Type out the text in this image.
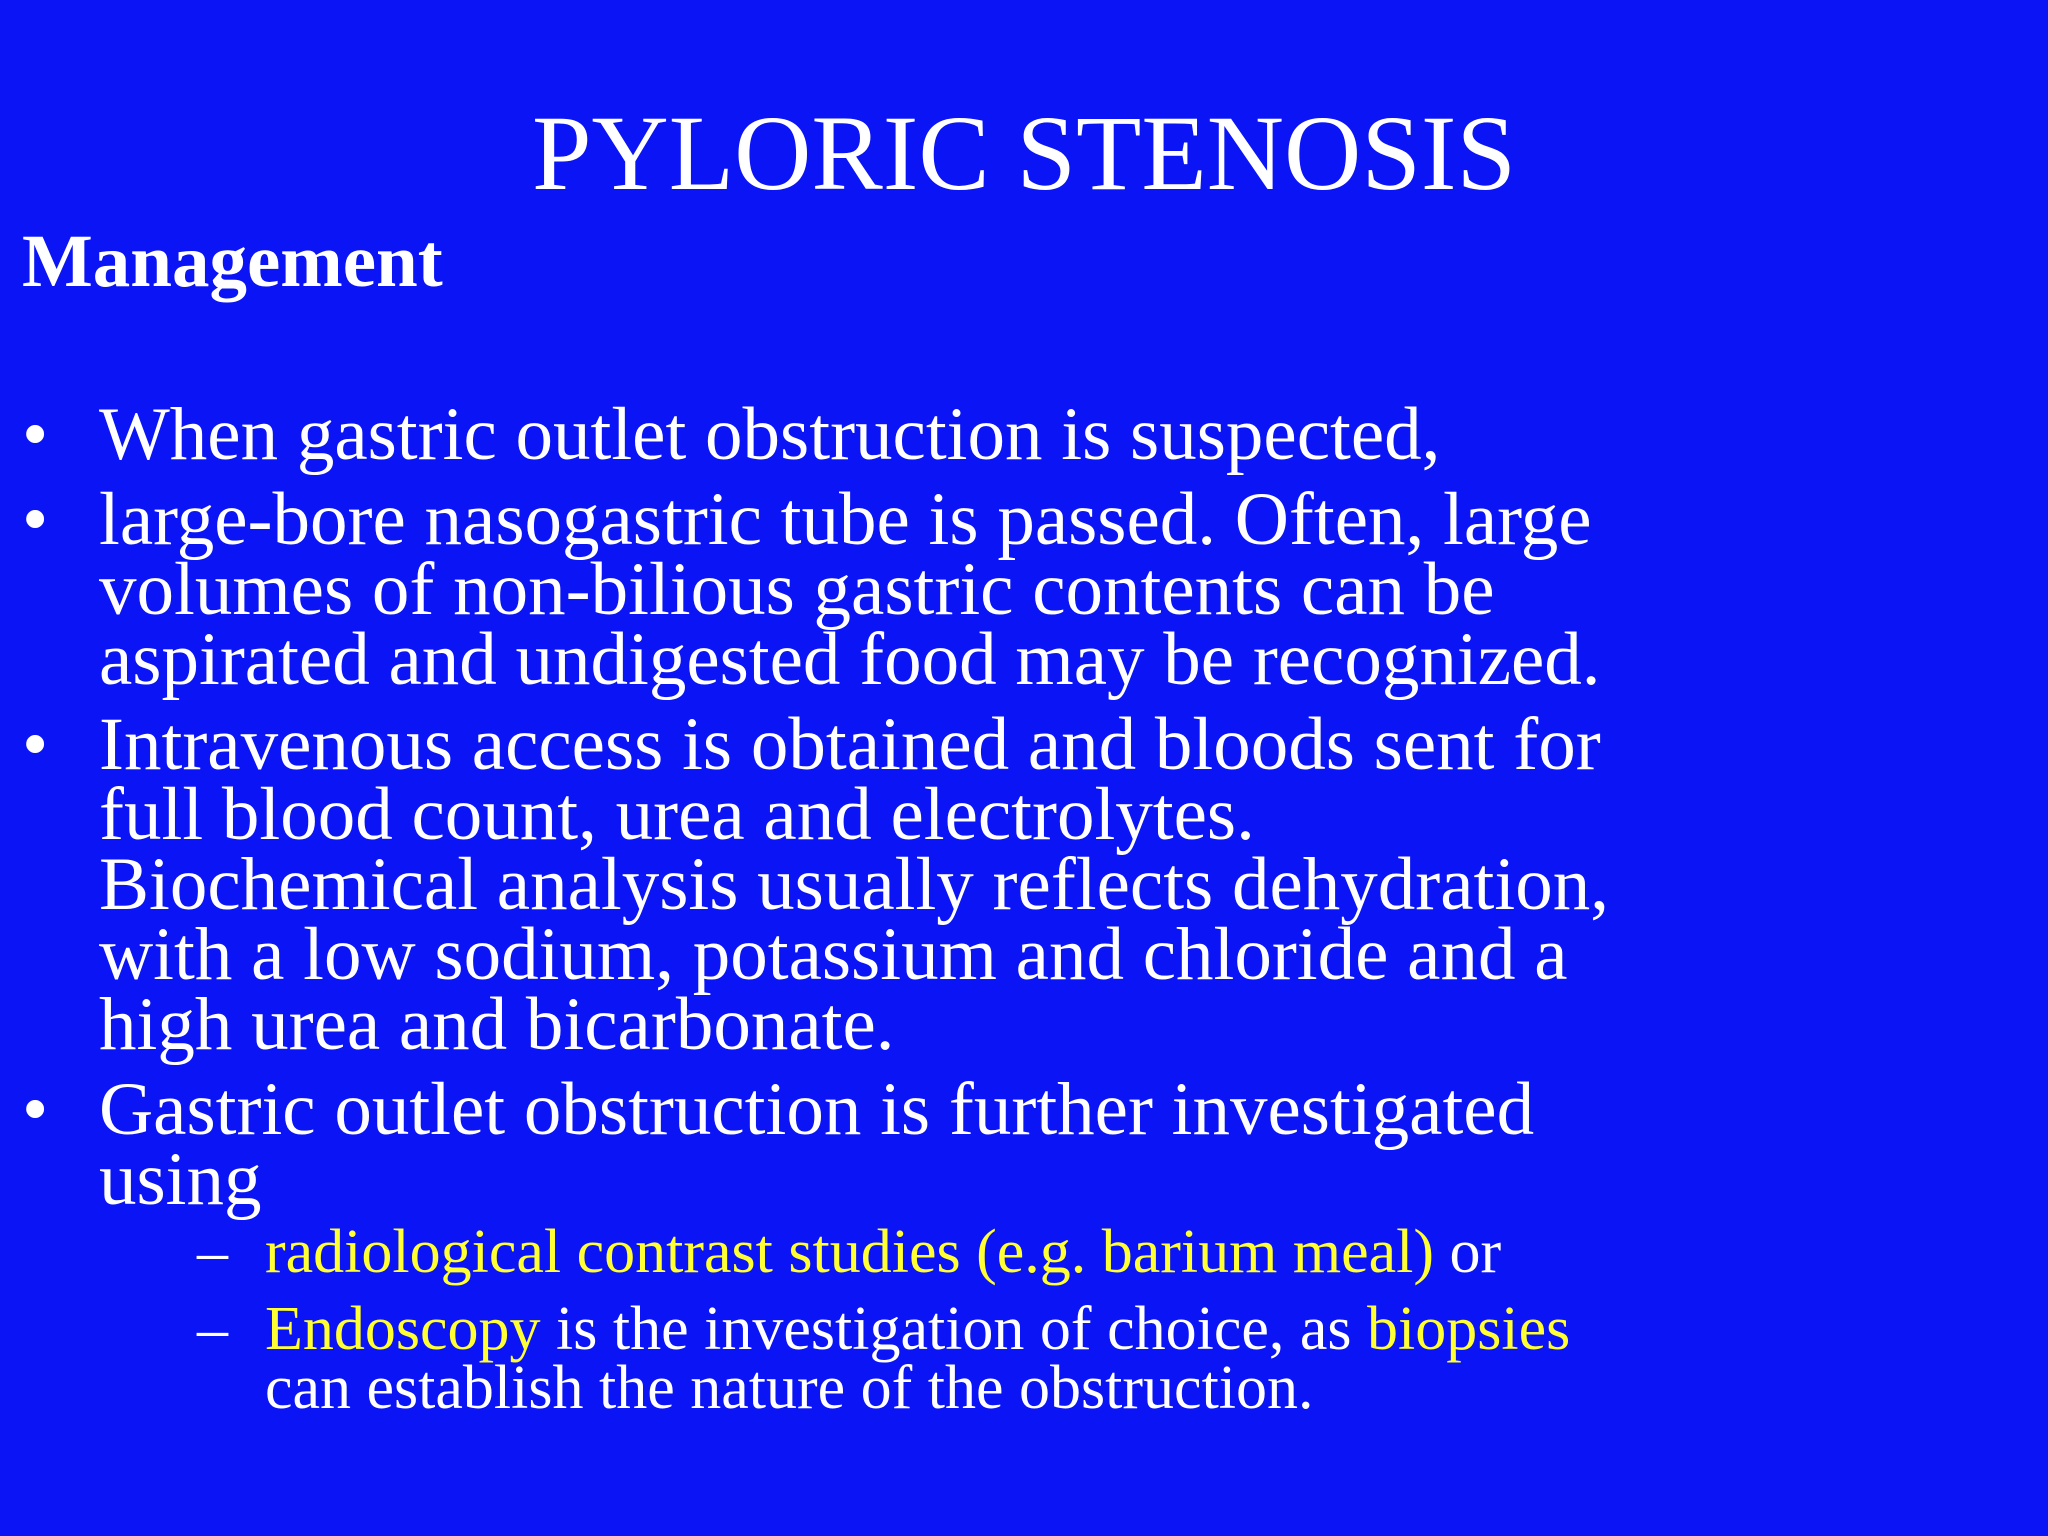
PYLORIC STENOSIS
Management
• When gastric outlet obstruction is suspected,
• large-bore nasogastric tube is passed. Often, large
volumes of non-bilious gastric contents can be
aspirated and undigested food may be recognized.
• Intravenous access is obtained and bloods sent for
full blood count, urea and electrolytes.
Biochemical analysis usually reflects dehydration,
with a low sodium, potassium and chloride and a
high urea and bicarbonate.
• Gastric outlet obstruction is further investigated
using
– radiological contrast studies (e.g. barium meal) or
– Endoscopy is the investigation of choice, as biopsies
can establish the nature of the obstruction.
